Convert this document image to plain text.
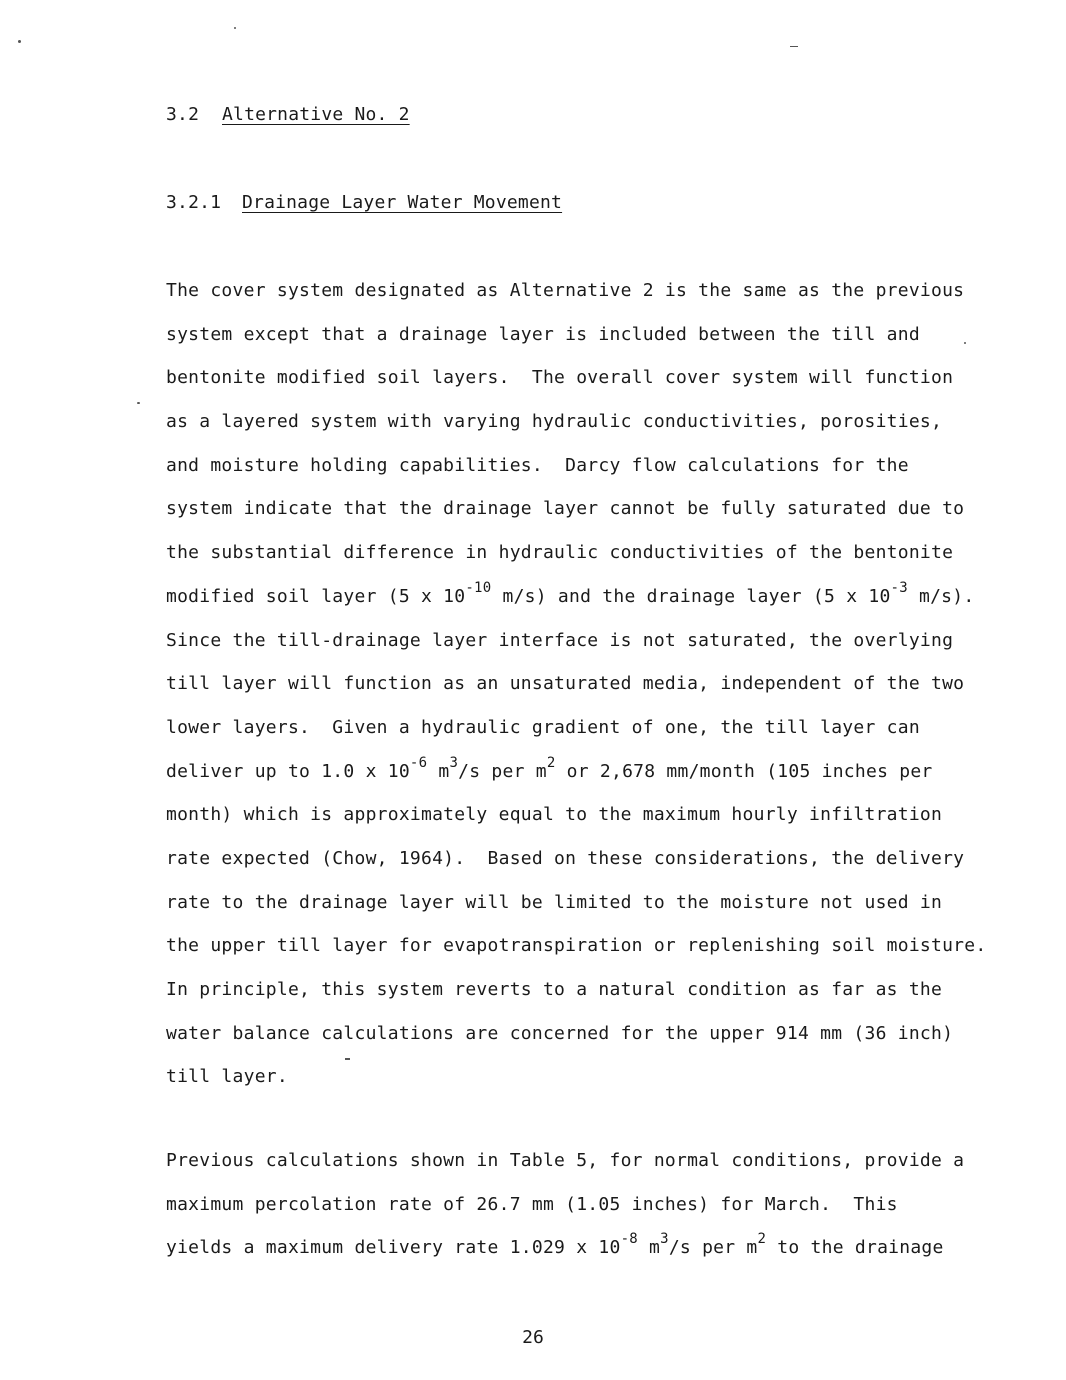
3.2 Alternative No. 2
3.2.1 Drainage Layer Water Movement
The cover system designated as Alternative 2 is the same as the previous
system except that a drainage layer is included between the till and
bentonite modified soil layers.  The overall cover system will function
as a layered system with varying hydraulic conductivities, porosities,
and moisture holding capabilities.  Darcy flow calculations for the
system indicate that the drainage layer cannot be fully saturated due to
the substantial difference in hydraulic conductivities of the bentonite
modified soil layer (5 x $10^{-10}$ m/s) and the drainage layer (5 x $10^{-3}$ m/s).
Since the till-drainage layer interface is not saturated, the overlying
till layer will function as an unsaturated media, independent of the two
lower layers.  Given a hydraulic gradient of one, the till layer can
deliver up to 1.0 x $10^{-6}$ $m^3/s$ per $m^2$ or 2,678 mm/month (105 inches per
month) which is approximately equal to the maximum hourly infiltration
rate expected (Chow, 1964).  Based on these considerations, the delivery
rate to the drainage layer will be limited to the moisture not used in
the upper till layer for evapotranspiration or replenishing soil moisture.
In principle, this system reverts to a natural condition as far as the
water balance calculations are concerned for the upper 914 mm (36 inch)
till layer.
Previous calculations shown in Table 5, for normal conditions, provide a
maximum percolation rate of 26.7 mm (1.05 inches) for March.  This
yields a maximum delivery rate 1.029 x $10^{-8}$ $m^3/s$ per $m^2$ to the drainage
26
